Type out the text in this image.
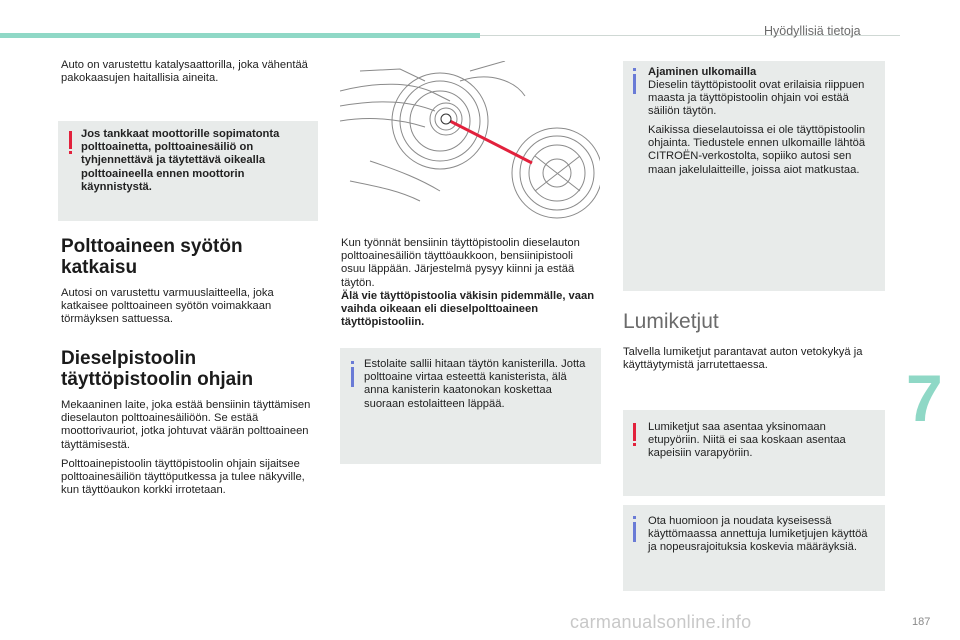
Hyödyllisiä tietoja
7
Auto on varustettu katalysaattorilla, joka vähentää pakokaasujen haitallisia aineita.
Jos tankkaat moottorille sopimatonta polttoainetta, polttoainesäiliö on tyhjennettävä ja täytettävä oikealla polttoaineella ennen moottorin käynnistystä.
Polttoaineen syötön katkaisu
Autosi on varustettu varmuuslaitteella, joka katkaisee polttoaineen syötön voimakkaan törmäyksen sattuessa.
Dieselpistoolin täyttöpistoolin ohjain
Mekaaninen laite, joka estää bensiinin täyttämisen dieselauton polttoainesäiliöön. Se estää moottorivauriot, jotka johtuvat väärän polttoaineen täyttämisestä.
Polttoainepistoolin täyttöpistoolin ohjain sijaitsee polttoainesäiliön täyttöputkessa ja tulee näkyville, kun täyttöaukon korkki irrotetaan.
Kun työnnät bensiinin täyttöpistoolin dieselauton polttoainesäiliön täyttöaukkoon, bensiinipistooli osuu läppään. Järjestelmä pysyy kiinni ja estää täytön.
Älä vie täyttöpistoolia väkisin pidemmälle, vaan vaihda oikeaan eli dieselpolttoaineen täyttöpistooliin.
Estolaite sallii hitaan täytön kanisterilla. Jotta polttoaine virtaa esteettä kanisterista, älä anna kanisterin kaatonokan koskettaa suoraan estolaitteen läppää.
Ajaminen ulkomailla
Dieselin täyttöpistoolit ovat erilaisia riippuen maasta ja täyttöpistoolin ohjain voi estää säiliön täytön.
Kaikissa dieselautoissa ei ole täyttöpistoolin ohjainta. Tiedustele ennen ulkomaille lähtöä CITROËN-verkostolta, sopiiko autosi sen maan jakelulaitteille, joissa aiot matkustaa.
Lumiketjut
Talvella lumiketjut parantavat auton vetokykyä ja käyttäytymistä jarrutettaessa.
Lumiketjut saa asentaa yksinomaan etupyöriin. Niitä ei saa koskaan asentaa kapeisiin varapyöriin.
Ota huomioon ja noudata kyseisessä käyttömaassa annettuja lumiketjujen käyttöä ja nopeusrajoituksia koskevia määräyksiä.
carmanualsonline.info	187
